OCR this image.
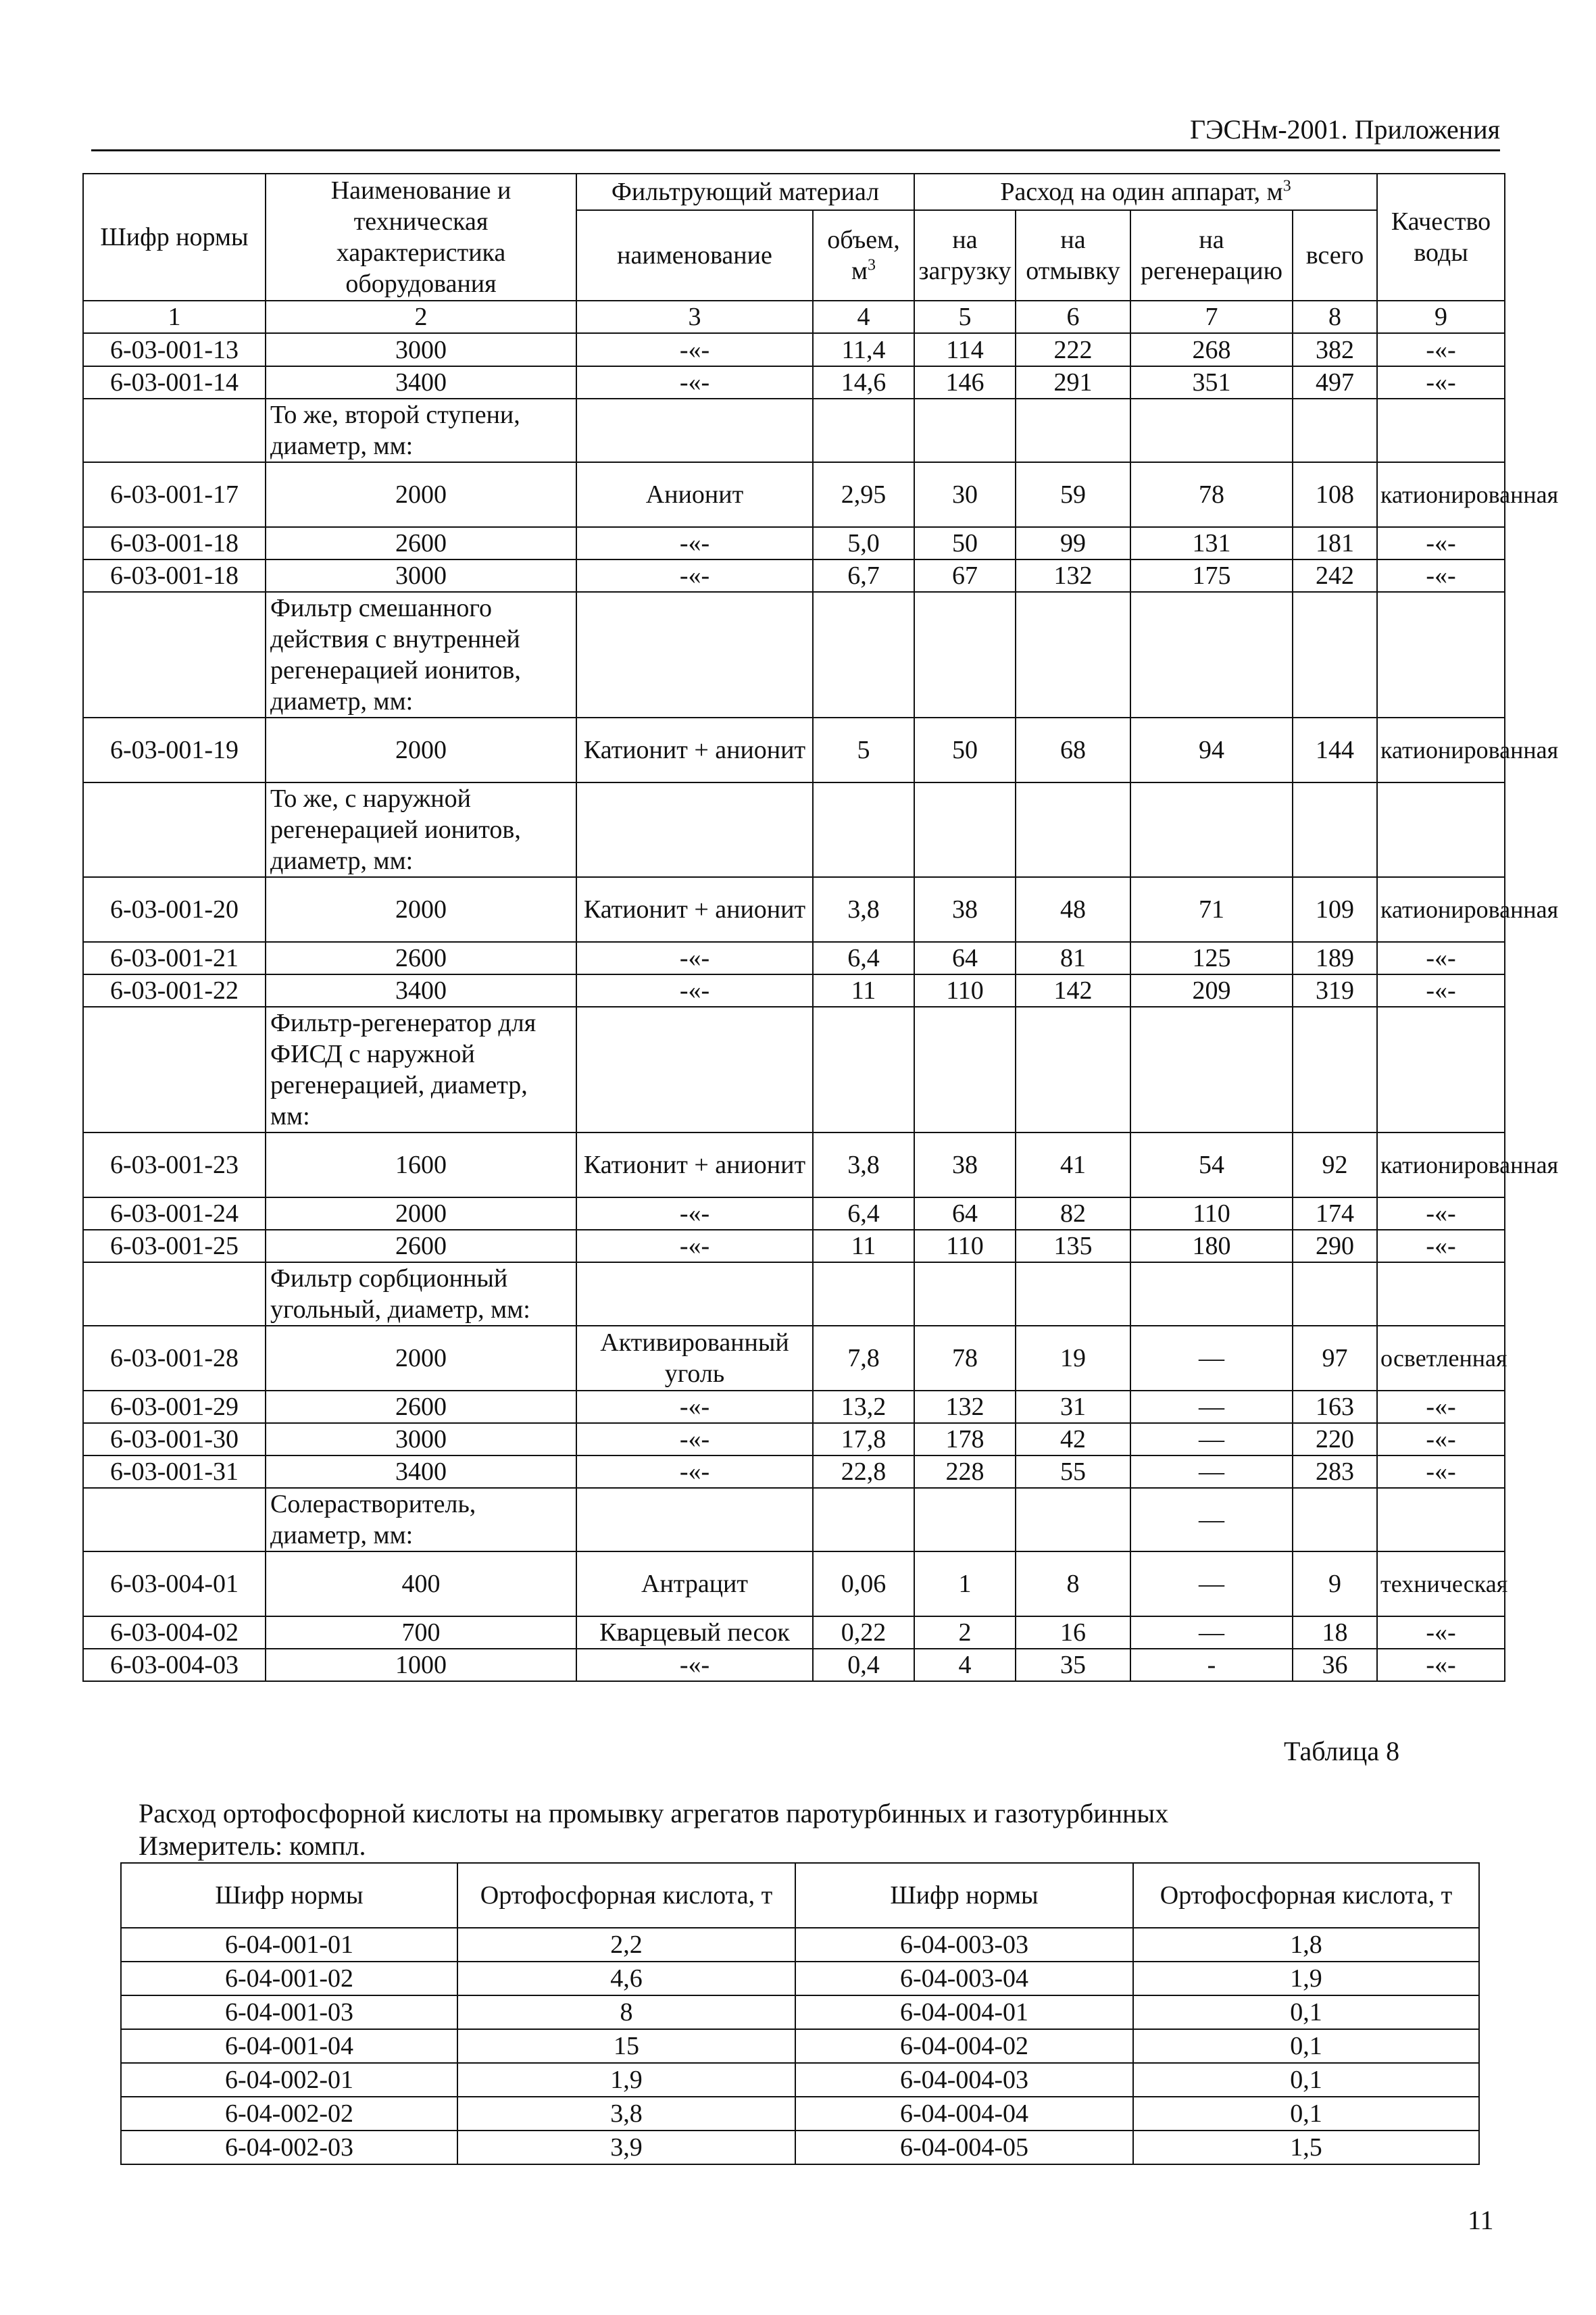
ГЭСНм-2001. Приложения
Шифр нормы	Наименование и техническая характеристика оборудования	Фильтрующий материал		Расход на один аппарат, $м^3$				Качество воды
		наименование	объем, $м^3$	на загрузку	на отмывку	на регенерацию	всего	
1	2	3	4	5	6	7	8	9
6-03-001-13	3000	-«-	11,4	114	222	268	382	-«-
6-03-001-14	3400	-«-	14,6	146	291	351	497	-«-
	То же, второй ступени, диаметр, мм:							
6-03-001-17	2000	Анионит	2,95	30	59	78	108	катионированная
6-03-001-18	2600	-«-	5,0	50	99	131	181	-«-
6-03-001-18	3000	-«-	6,7	67	132	175	242	-«-
	Фильтр смешанного действия с внутренней регенерацией ионитов, диаметр, мм:							
6-03-001-19	2000	Катионит + анионит	5	50	68	94	144	катионированная
	То же, с наружной регенерацией ионитов, диаметр, мм:							
6-03-001-20	2000	Катионит + анионит	3,8	38	48	71	109	катионированная
6-03-001-21	2600	-«-	6,4	64	81	125	189	-«-
6-03-001-22	3400	-«-	11	110	142	209	319	-«-
	Фильтр-регенератор для ФИСД с наружной регенерацией, диаметр, мм:							
6-03-001-23	1600	Катионит + анионит	3,8	38	41	54	92	катионированная
6-03-001-24	2000	-«-	6,4	64	82	110	174	-«-
6-03-001-25	2600	-«-	11	110	135	180	290	-«-
	Фильтр сорбционный угольный, диаметр, мм:							
6-03-001-28	2000	Активированный уголь	7,8	78	19	—	97	осветленная
6-03-001-29	2600	-«-	13,2	132	31	—	163	-«-
6-03-001-30	3000	-«-	17,8	178	42	—	220	-«-
6-03-001-31	3400	-«-	22,8	228	55	—	283	-«-
	Солерастворитель, диаметр, мм:					—		
6-03-004-01	400	Антрацит	0,06	1	8	—	9	техническая
6-03-004-02	700	Кварцевый песок	0,22	2	16	—	18	-«-
6-03-004-03	1000	-«-	0,4	4	35	-	36	-«-
Таблица 8
Расход ортофосфорной кислоты на промывку агрегатов паротурбинных и газотурбинных
Измеритель: компл.
Шифр нормы	Ортофосфорная кислота, т	Шифр нормы	Ортофосфорная кислота, т
6-04-001-01	2,2	6-04-003-03	1,8
6-04-001-02	4,6	6-04-003-04	1,9
6-04-001-03	8	6-04-004-01	0,1
6-04-001-04	15	6-04-004-02	0,1
6-04-002-01	1,9	6-04-004-03	0,1
6-04-002-02	3,8	6-04-004-04	0,1
6-04-002-03	3,9	6-04-004-05	1,5
11
